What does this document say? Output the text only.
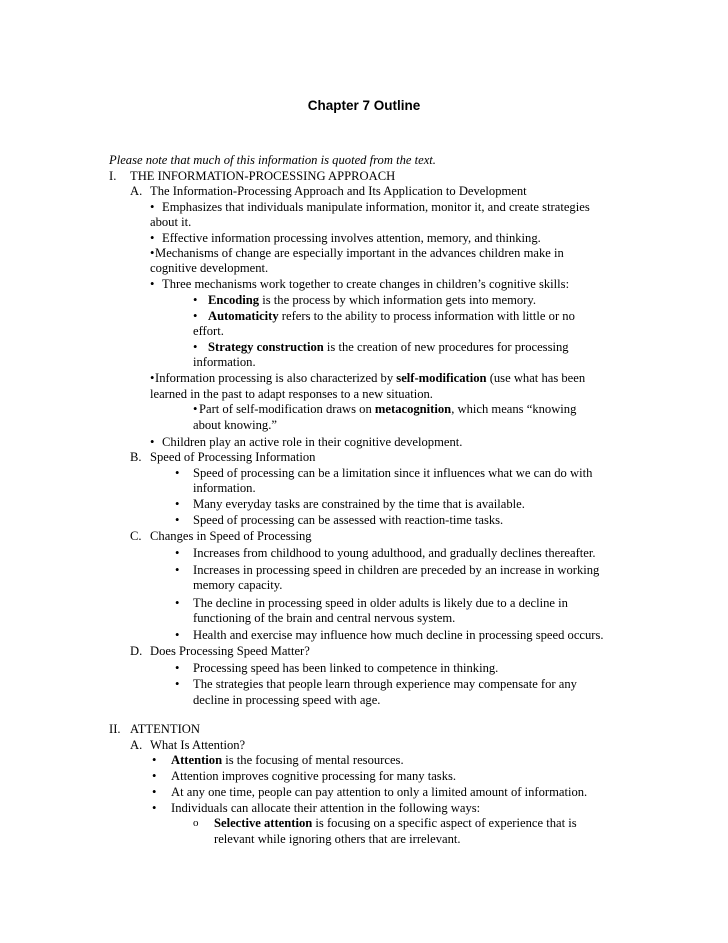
Chapter 7 Outline
Please note that much of this information is quoted from the text.
I. THE INFORMATION-PROCESSING APPROACH
A. The Information-Processing Approach and Its Application to Development
• Emphasizes that individuals manipulate information, monitor it, and create strategies
about it.
• Effective information processing involves attention, memory, and thinking.
• Mechanisms of change are especially important in the advances children make in
cognitive development.
• Three mechanisms work together to create changes in children’s cognitive skills:
• Encoding is the process by which information gets into memory.
• Automaticity refers to the ability to process information with little or no
effort.
• Strategy construction is the creation of new procedures for processing
information.
• Information processing is also characterized by self-modification (use what has been
learned in the past to adapt responses to a new situation.
• Part of self-modification draws on metacognition, which means “knowing
about knowing.”
• Children play an active role in their cognitive development.
B. Speed of Processing Information
• Speed of processing can be a limitation since it influences what we can do with
information.
• Many everyday tasks are constrained by the time that is available.
• Speed of processing can be assessed with reaction-time tasks.
C. Changes in Speed of Processing
• Increases from childhood to young adulthood, and gradually declines thereafter.
• Increases in processing speed in children are preceded by an increase in working
memory capacity.
• The decline in processing speed in older adults is likely due to a decline in
functioning of the brain and central nervous system.
• Health and exercise may influence how much decline in processing speed occurs.
D. Does Processing Speed Matter?
• Processing speed has been linked to competence in thinking.
• The strategies that people learn through experience may compensate for any
decline in processing speed with age.
II. ATTENTION
A. What Is Attention?
• Attention is the focusing of mental resources.
• Attention improves cognitive processing for many tasks.
• At any one time, people can pay attention to only a limited amount of information.
• Individuals can allocate their attention in the following ways:
o Selective attention is focusing on a specific aspect of experience that is
relevant while ignoring others that are irrelevant.
